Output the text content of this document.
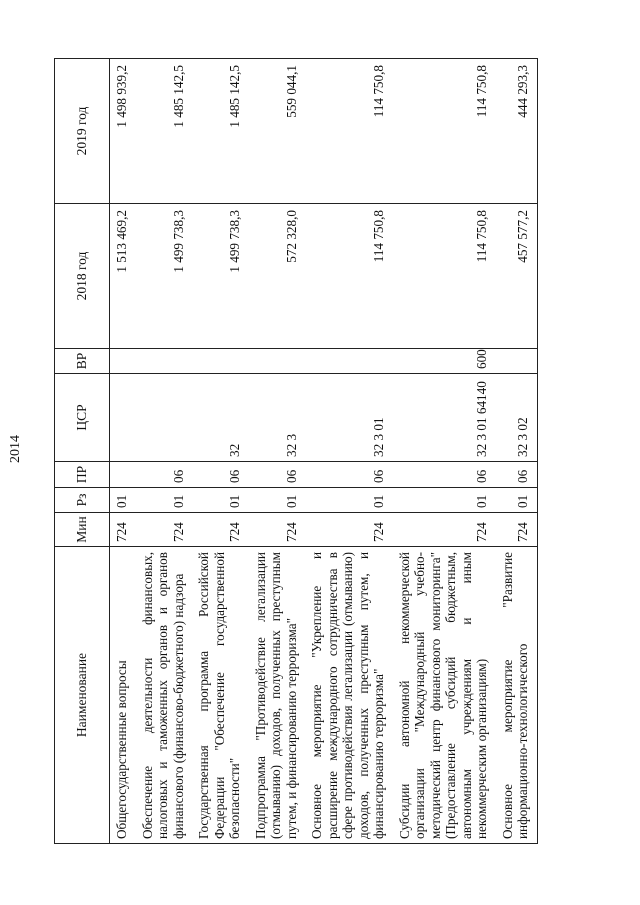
2014
Наименование	Мин	Рз	ПР	ЦСР	ВР	2018 год	2019 год
Общегосударственные вопросы	724	01				1 513 469,2	1 498 939,2
Обеспечение деятельности финансовых, налоговых и таможенных органов и органов финансового (финансово-бюджетного) надзора	724	01	06			1 499 738,3	1 485 142,5
Государственная программа Российской Федерации "Обеспечение государственной безопасности"	724	01	06	32		1 499 738,3	1 485 142,5
Подпрограмма "Противодействие легализации (отмыванию) доходов, полученных преступным путем, и финансированию терроризма"	724	01	06	32 3		572 328,0	559 044,1
Основное мероприятие "Укрепление и расширение международного сотрудничества в сфере противодействия легализации (отмыванию) доходов, полученных преступным путем, и финансированию терроризма"	724	01	06	32 3 01		114 750,8	114 750,8
Субсидии автономной некоммерческой организации "Международный учебно-методический центр финансового мониторинга" (Предоставление субсидий бюджетным, автономным учреждениям и иным некоммерческим организациям)	724	01	06	32 3 01 64140	600	114 750,8	114 750,8
Основное мероприятие "Развитие информационно-технологического	724	01	06	32 3 02		457 577,2	444 293,3
